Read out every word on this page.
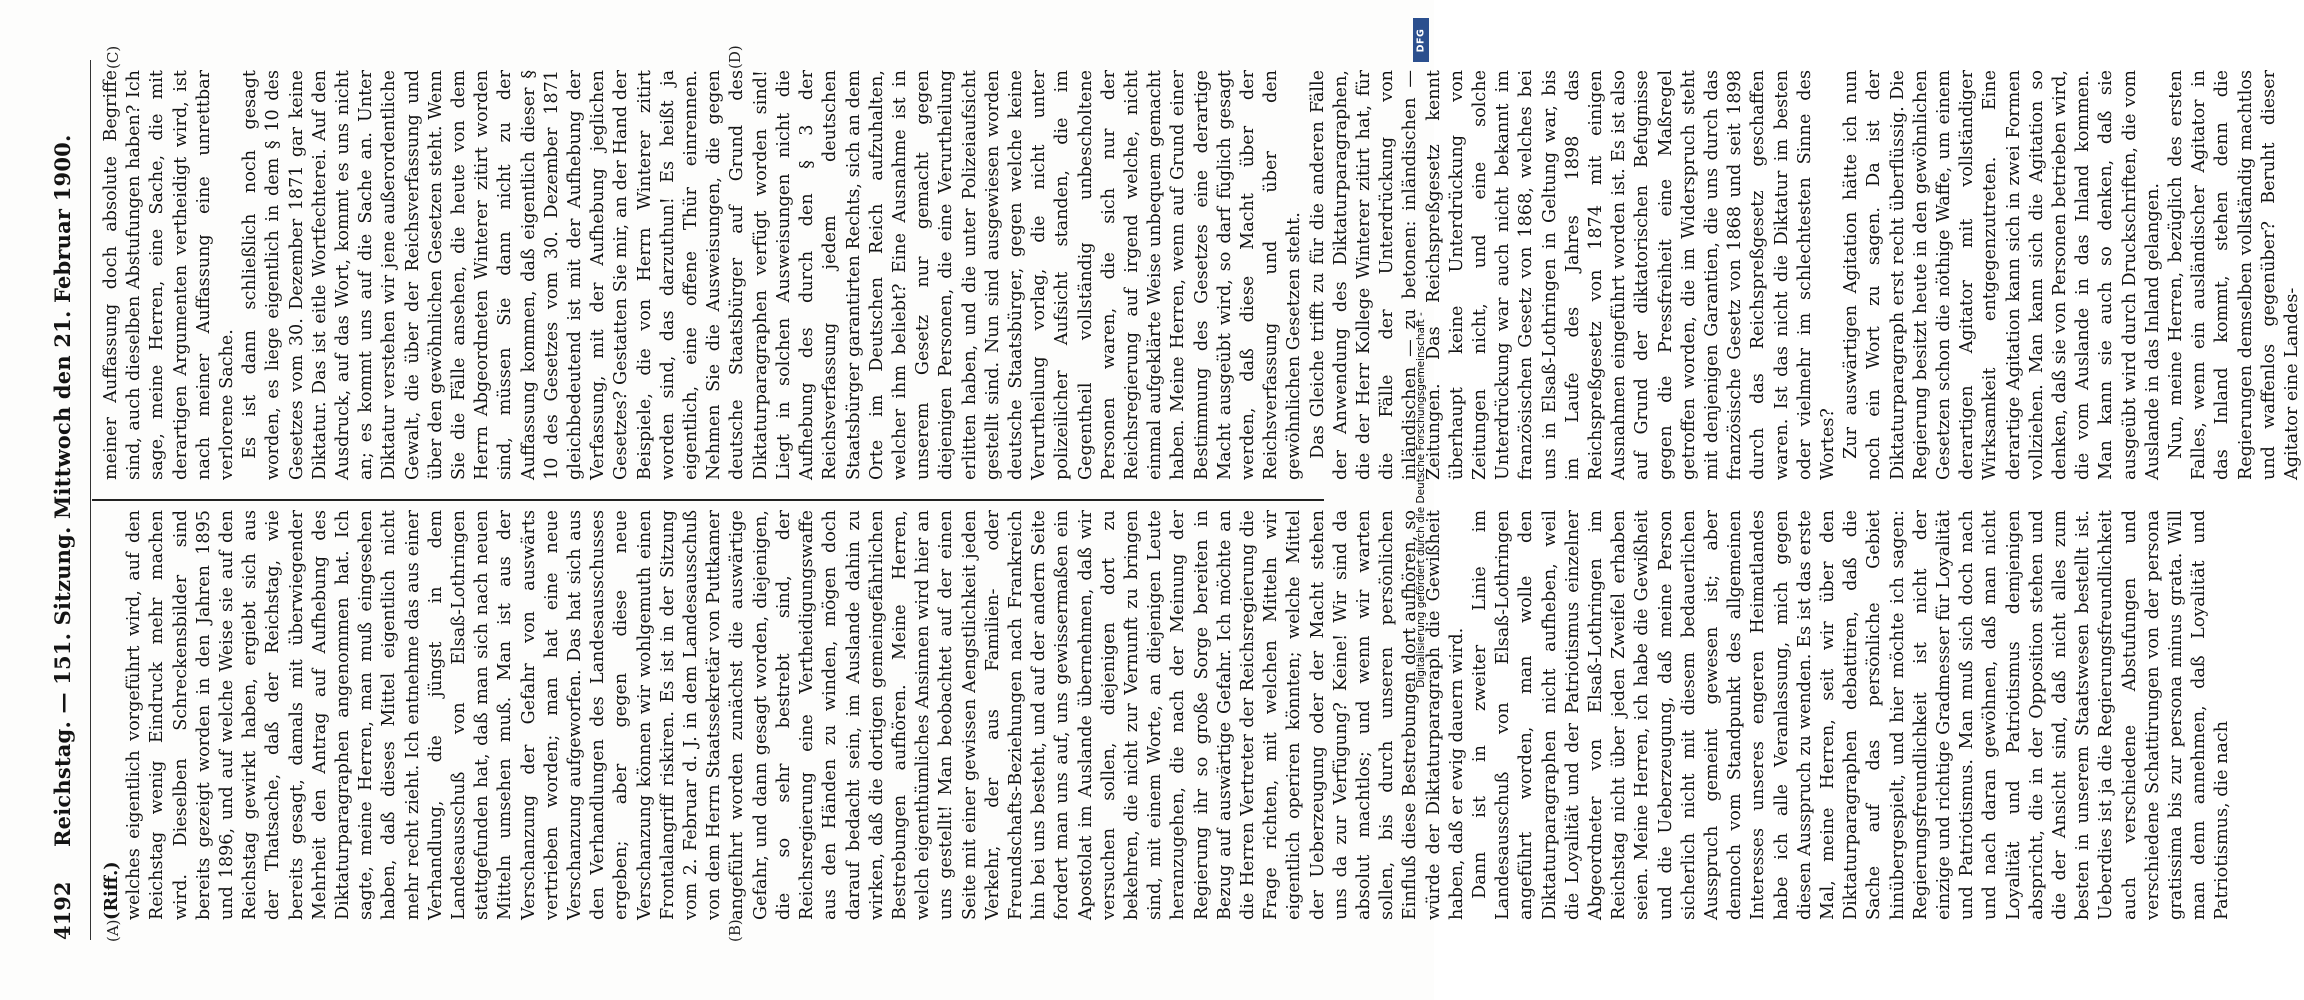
4192
Reichstag. — 151. Sitzung. Mittwoch den 21. Februar 1900.
(A)	(B)
(C)	(D)
(Riff.) welches eigentlich vorgeführt wird, auf den Reichstag wenig Eindruck mehr machen wird. Dieselben Schreckensbilder sind bereits gezeigt worden in den Jahren 1895 und 1896, und auf welche Weise sie auf den Reichstag gewirkt haben, ergiebt sich aus der Thatsache, daß der Reichstag, wie bereits gesagt, damals mit überwiegender Mehrheit den Antrag auf Aufhebung des Diktaturparagraphen angenommen hat. Ich sagte, meine Herren, man muß eingesehen haben, daß dieses Mittel eigentlich nicht mehr recht zieht. Ich entnehme das aus einer Verhandlung, die jüngst in dem Landesausschuß von Elsaß-Lothringen stattgefunden hat, daß man sich nach neuen Mitteln umsehen muß. Man ist aus der Verschanzung der Gefahr von auswärts vertrieben worden; man hat eine neue Verschanzung aufgeworfen. Das hat sich aus den Verhandlungen des Landesausschusses ergeben; aber gegen diese neue Verschanzung können wir wohlgemuth einen Frontalangriff riskiren. Es ist in der Sitzung vom 2. Februar d. J. in dem Landesausschuß von dem Herrn Staatssekretär von Puttkamer angeführt worden zunächst die auswärtige Gefahr, und dann gesagt worden, diejenigen, die so sehr bestrebt sind, der Reichsregierung eine Vertheidigungswaffe aus den Händen zu winden, mögen doch darauf bedacht sein, im Auslande dahin zu wirken, daß die dortigen gemeingefährlichen Bestrebungen aufhören. Meine Herren, welch eigenthümliches Ansinnen wird hier an uns gestellt! Man beobachtet auf der einen Seite mit einer gewissen Aengstlichkeit jeden Verkehr, der aus Familien- oder Freundschafts-Beziehungen nach Frankreich hin bei uns besteht, und auf der andern Seite fordert man uns auf, uns gewissermaßen ein Apostolat im Auslande übernehmen, daß wir versuchen sollen, diejenigen dort zu bekehren, die nicht zur Vernunft zu bringen sind, mit einem Worte, an diejenigen Leute heranzugehen, die nach der Meinung der Regierung ihr so große Sorge bereiten in Bezug auf auswärtige Gefahr. Ich möchte an die Herren Vertreter der Reichsregierung die Frage richten, mit welchen Mitteln wir eigentlich operiren könnten; welche Mittel der Ueberzeugung oder der Macht stehen uns da zur Verfügung? Keine! Wir sind da absolut machtlos; und wenn wir warten sollen, bis durch unseren persönlichen Einfluß diese Bestrebungen dort aufhören, so würde der Diktaturparagraph die Gewißheit haben, daß er ewig dauern wird. Dann ist in zweiter Linie im Landesausschuß von Elsaß-Lothringen angeführt worden, man wolle den Diktaturparagraphen nicht aufheben, weil die Loyalität und der Patriotismus einzelner Abgeordneter von Elsaß-Lothringen im Reichstag nicht über jeden Zweifel erhaben seien. Meine Herren, ich habe die Gewißheit und die Ueberzeugung, daß meine Person sicherlich nicht mit diesem bedauerlichen Ausspruch gemeint gewesen ist; aber dennoch vom Standpunkt des allgemeinen Interesses unseres engeren Heimatlandes habe ich alle Veranlassung, mich gegen diesen Ausspruch zu wenden. Es ist das erste Mal, meine Herren, seit wir über den Diktaturparagraphen debattiren, daß die Sache auf das persönliche Gebiet hinübergespielt, und hier möchte ich sagen: Regierungsfreundlichkeit ist nicht der einzige und richtige Gradmesser für Loyalität und Patriotismus. Man muß sich doch nach und nach daran gewöhnen, daß man nicht Loyalität und Patriotismus demjenigen abspricht, die in der Opposition stehen und die der Ansicht sind, daß nicht alles zum besten in unserem Staatswesen bestellt ist. Ueberdies ist ja die Regierungsfreundlichkeit auch verschiedene Abstufungen und verschiedene Schattirungen von der persona gratissima bis zur persona minus grata. Will man denn annehmen, daß Loyalität und Patriotismus, die nach

meiner Auffassung doch absolute Begriffe sind, auch dieselben Abstufungen haben? Ich sage, meine Herren, eine Sache, die mit derartigen Argumenten vertheidigt wird, ist nach meiner Auffassung eine unrettbar verlorene Sache. Es ist dann schließlich noch gesagt worden, es liege eigentlich in dem § 10 des Gesetzes vom 30. Dezember 1871 gar keine Diktatur. Das ist eitle Wortfechterei. Auf den Ausdruck, auf das Wort, kommt es uns nicht an; es kommt uns auf die Sache an. Unter Diktatur verstehen wir jene außerordentliche Gewalt, die über der Reichsverfassung und über den gewöhnlichen Gesetzen steht. Wenn Sie die Fälle ansehen, die heute von dem Herrn Abgeordneten Winterer zitirt worden sind, müssen Sie dann nicht zu der Auffassung kommen, daß eigentlich dieser § 10 des Gesetzes vom 30. Dezember 1871 gleichbedeutend ist mit der Aufhebung der Verfassung, mit der Aufhebung jeglichen Gesetzes? Gestatten Sie mir, an der Hand der Beispiele, die von Herrn Winterer zitirt worden sind, das darzuthun! Es heißt ja eigentlich, eine offene Thür einrennen. Nehmen Sie die Ausweisungen, die gegen deutsche Staatsbürger auf Grund des Diktaturparagraphen verfügt worden sind! Liegt in solchen Ausweisungen nicht die Aufhebung des durch den § 3 der Reichsverfassung jedem deutschen Staatsbürger garantirten Rechts, sich an dem Orte im Deutschen Reich aufzuhalten, welcher ihm beliebt? Eine Ausnahme ist in unserem Gesetz nur gemacht gegen diejenigen Personen, die eine Verurtheilung erlitten haben, und die unter Polizeiaufsicht gestellt sind. Nun sind ausgewiesen worden deutsche Staatsbürger, gegen welche keine Verurtheilung vorlag, die nicht unter polizeilicher Aufsicht standen, die im Gegentheil vollständig unbescholtene Personen waren, die sich nur der Reichsregierung auf irgend welche, nicht einmal aufgeklärte Weise unbequem gemacht haben. Meine Herren, wenn auf Grund einer Bestimmung des Gesetzes eine derartige Macht ausgeübt wird, so darf füglich gesagt werden, daß diese Macht über der Reichsverfassung und über den gewöhnlichen Gesetzen steht. Das Gleiche trifft zu für die anderen Fälle der Anwendung des Diktaturparagraphen, die der Herr Kollege Winterer zitirt hat, für die Fälle der Unterdrückung von inländischen — zu betonen: inländischen — Zeitungen. Das Reichspreßgesetz kennt überhaupt keine Unterdrückung von Zeitungen nicht, und eine solche Unterdrückung war auch nicht bekannt im französischen Gesetz von 1868, welches bei uns in Elsaß-Lothringen in Geltung war, bis im Laufe des Jahres 1898 das Reichspreßgesetz von 1874 mit einigen Ausnahmen eingeführt worden ist. Es ist also auf Grund der diktatorischen Befugnisse gegen die Pressfreiheit eine Maßregel getroffen worden, die im Widerspruch steht mit denjenigen Garantien, die uns durch das französische Gesetz von 1868 und seit 1898 durch das Reichspreßgesetz geschaffen waren. Ist das nicht die Diktatur im besten oder vielmehr im schlechtesten Sinne des Wortes? Zur auswärtigen Agitation hätte ich nun noch ein Wort zu sagen. Da ist der Diktaturparagraph erst recht überflüssig. Die Regierung besitzt heute in den gewöhnlichen Gesetzen schon die nöthige Waffe, um einem derartigen Agitator mit vollständiger Wirksamkeit entgegenzutreten. Eine derartige Agitation kann sich in zwei Formen vollziehen. Man kann sich die Agitation so denken, daß sie von Personen betrieben wird, die vom Auslande in das Inland kommen. Man kann sie auch so denken, daß sie ausgeübt wird durch Druckschriften, die vom Auslande in das Inland gelangen. Nun, meine Herren, bezüglich des ersten Falles, wenn ein ausländischer Agitator in das Inland kommt, stehen denn die Regierungen demselben vollständig machtlos und waffenlos gegenüber? Beruht dieser Agitator eine Landes-

DFG
Digitalisierung gefördert durch die Deutsche Forschungsgemeinschaft -
